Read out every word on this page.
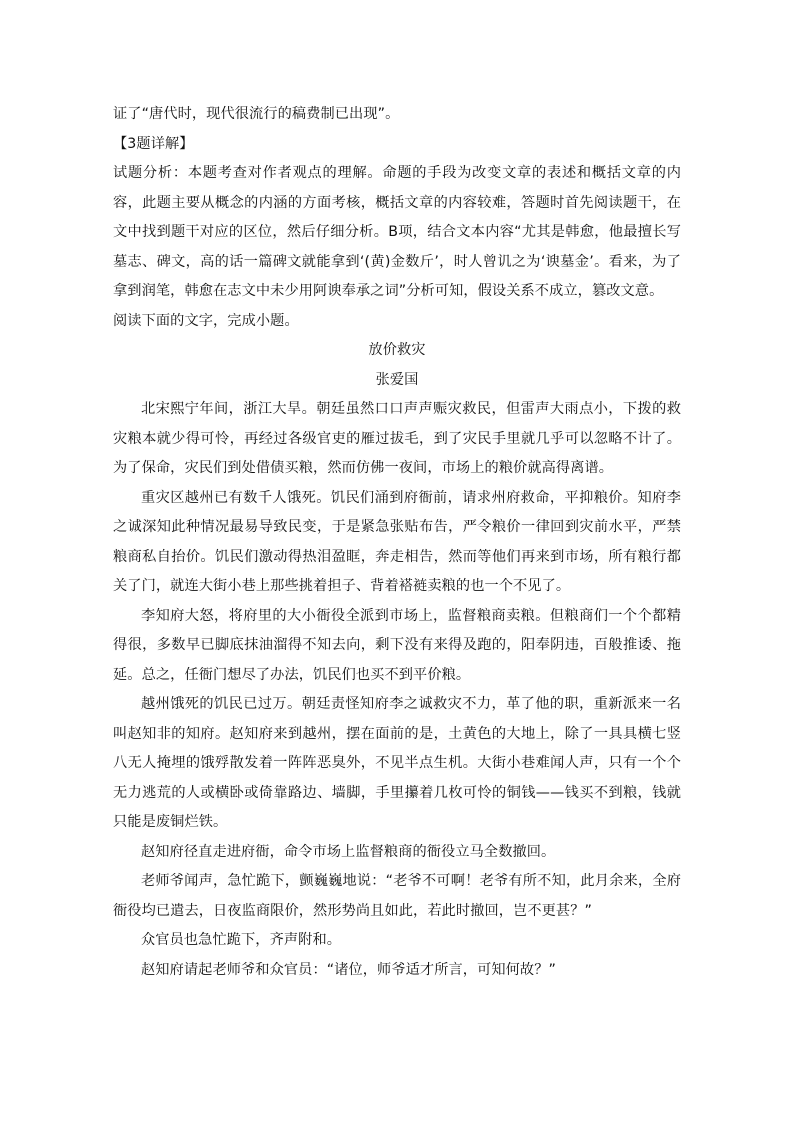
证了“唐代时，现代很流行的稿费制已出现”。

【3题详解】

试题分析：本题考查对作者观点的理解。命题的手段为改变文章的表述和概括文章的内容，此题主要从概念的内涵的方面考核，概括文章的内容较难，答题时首先阅读题干，在文中找到题干对应的区位，然后仔细分析。B项，结合文本内容“尤其是韩愈，他最擅长写墓志、碑文，高的话一篇碑文就能拿到‘(黄)金数斤’，时人曾讥之为‘谀墓金’。看来，为了拿到润笔，韩愈在志文中未少用阿谀奉承之词”分析可知，假设关系不成立，篡改文意。

阅读下面的文字，完成小题。

放价救灾

张爱国

北宋熙宁年间，浙江大旱。朝廷虽然口口声声赈灾救民，但雷声大雨点小，下拨的救灾粮本就少得可怜，再经过各级官吏的雁过拔毛，到了灾民手里就几乎可以忽略不计了。为了保命，灾民们到处借债买粮，然而仿佛一夜间，市场上的粮价就高得离谱。

重灾区越州已有数千人饿死。饥民们涌到府衙前，请求州府救命，平抑粮价。知府李之诚深知此种情况最易导致民变，于是紧急张贴布告，严令粮价一律回到灾前水平，严禁粮商私自抬价。饥民们激动得热泪盈眶，奔走相告，然而等他们再来到市场，所有粮行都关了门，就连大街小巷上那些挑着担子、背着褡裢卖粮的也一个不见了。

李知府大怒，将府里的大小衙役全派到市场上，监督粮商卖粮。但粮商们一个个都精得很，多数早已脚底抹油溜得不知去向，剩下没有来得及跑的，阳奉阴违，百般推诿、拖延。总之，任衙门想尽了办法，饥民们也买不到平价粮。

越州饿死的饥民已过万。朝廷责怪知府李之诚救灾不力，革了他的职，重新派来一名叫赵知非的知府。赵知府来到越州，摆在面前的是，土黄色的大地上，除了一具具横七竖八无人掩埋的饿殍散发着一阵阵恶臭外，不见半点生机。大街小巷难闻人声，只有一个个无力逃荒的人或横卧或倚靠路边、墙脚，手里攥着几枚可怜的铜钱——钱买不到粮，钱就只能是废铜烂铁。

赵知府径直走进府衙，命令市场上监督粮商的衙役立马全数撤回。

老师爷闻声，急忙跪下，颤巍巍地说：“老爷不可啊！老爷有所不知，此月余来，全府衙役均已遣去，日夜监商限价，然形势尚且如此，若此时撤回，岂不更甚？”

众官员也急忙跪下，齐声附和。

赵知府请起老师爷和众官员：“诸位，师爷适才所言，可知何故？”
